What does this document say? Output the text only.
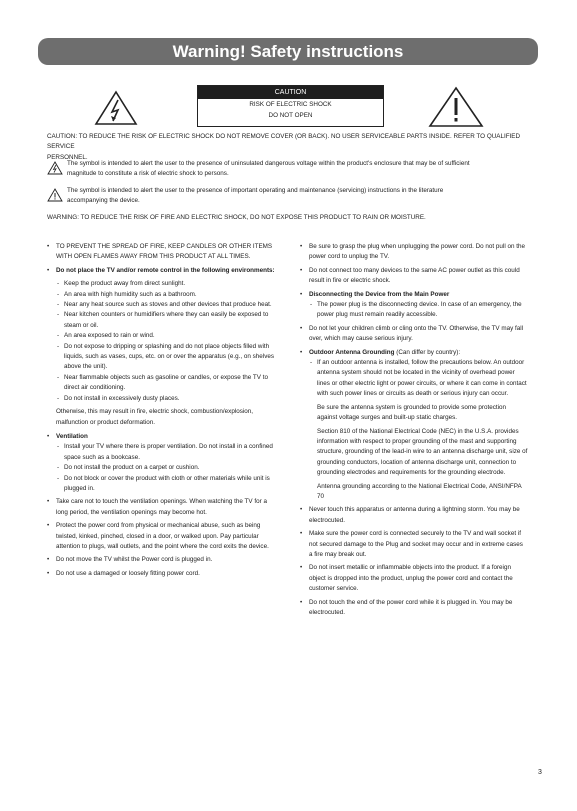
Warning! Safety instructions
CAUTION
RISK OF ELECTRIC SHOCK
DO NOT OPEN
CAUTION: TO REDUCE THE RISK OF ELECTRIC SHOCK DO NOT REMOVE COVER (OR BACK). NO USER SERVICEABLE PARTS INSIDE. REFER TO QUALIFIED SERVICE
PERSONNEL.
The symbol is intended to alert the user to the presence of uninsulated dangerous voltage within the product's enclosure that may be of sufficient
magnitude to constitute a risk of electric shock to persons.
The symbol is intended to alert the user to the presence of important operating and maintenance (servicing) instructions in the literature
accompanying the device.
WARNING: TO REDUCE THE RISK OF FIRE AND ELECTRIC SHOCK, DO NOT EXPOSE THIS PRODUCT TO RAIN OR MOISTURE.
• TO PREVENT THE SPREAD OF FIRE, KEEP CANDLES OR OTHER ITEMS WITH OPEN FLAMES AWAY FROM THIS PRODUCT AT ALL TIMES.
• Do not place the TV and/or remote control in the following environments:
- Keep the product away from direct sunlight.
- An area with high humidity such as a bathroom.
- Near any heat source such as stoves and other devices that produce heat.
- Near kitchen counters or humidifiers where they can easily be exposed to steam or oil.
- An area exposed to rain or wind.
- Do not expose to dripping or splashing and do not place objects filled with liquids, such as vases, cups, etc. on or over the apparatus (e.g., on shelves above the unit).
- Near flammable objects such as gasoline or candles, or expose the TV to direct air conditioning.
- Do not install in excessively dusty places.
Otherwise, this may result in fire, electric shock, combustion/explosion, malfunction or product deformation.
• Ventilation
- Install your TV where there is proper ventilation. Do not install in a confined space such as a bookcase.
- Do not install the product on a carpet or cushion.
- Do not block or cover the product with cloth or other materials while unit is plugged in.
• Take care not to touch the ventilation openings. When watching the TV for a long period, the ventilation openings may become hot.
• Protect the power cord from physical or mechanical abuse, such as being twisted, kinked, pinched, closed in a door, or walked upon. Pay particular attention to plugs, wall outlets, and the point where the cord exits the device.
• Do not move the TV whilst the Power cord is plugged in.
• Do not use a damaged or loosely fitting power cord.
• Be sure to grasp the plug when unplugging the power cord. Do not pull on the power cord to unplug the TV.
• Do not connect too many devices to the same AC power outlet as this could result in fire or electric shock.
• Disconnecting the Device from the Main Power
- The power plug is the disconnecting device. In case of an emergency, the power plug must remain readily accessible.
• Do not let your children climb or cling onto the TV. Otherwise, the TV may fall over, which may cause serious injury.
• Outdoor Antenna Grounding (Can differ by country):
- If an outdoor antenna is installed, follow the precautions below. An outdoor antenna system should not be located in the vicinity of overhead power lines or other electric light or power circuits, or where it can come in contact with such power lines or circuits as death or serious injury can occur.
Be sure the antenna system is grounded to provide some protection against voltage surges and built-up static charges.
Section 810 of the National Electrical Code (NEC) in the U.S.A. provides information with respect to proper grounding of the mast and supporting structure, grounding of the lead-in wire to an antenna discharge unit, size of grounding conductors, location of antenna discharge unit, connection to grounding electrodes and requirements for the grounding electrode.
Antenna grounding according to the National Electrical Code, ANSI/NFPA 70
• Never touch this apparatus or antenna during a lightning storm. You may be electrocuted.
• Make sure the power cord is connected securely to the TV and wall socket if not secured damage to the Plug and socket may occur and in extreme cases a fire may break out.
• Do not insert metallic or inflammable objects into the product. If a foreign object is dropped into the product, unplug the power cord and contact the customer service.
• Do not touch the end of the power cord while it is plugged in. You may be electrocuted.
3
